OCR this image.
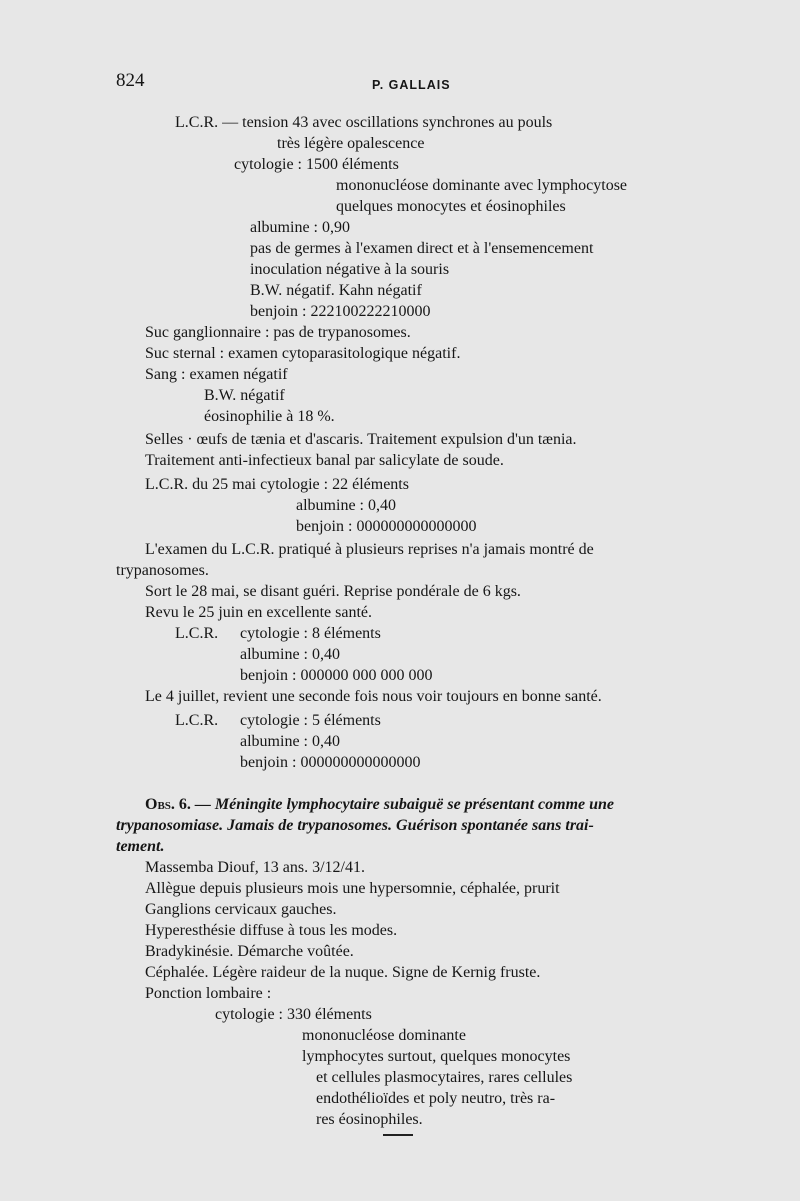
824	P. GALLAIS
L.C.R. — tension 43 avec oscillations synchrones au pouls
très légère opalescence
cytologie : 1500 éléments
mononucléose dominante avec lymphocytose
quelques monocytes et éosinophiles
albumine : 0,90
pas de germes à l'examen direct et à l'ensemencement
inoculation négative à la souris
B.W. négatif. Kahn négatif
benjoin : 222100222210000
Suc ganglionnaire : pas de trypanosomes.
Suc sternal : examen cytoparasitologique négatif.
Sang : examen négatif
B.W. négatif
éosinophilie à 18 %.
Selles · œufs de tænia et d'ascaris. Traitement expulsion d'un tænia.
Traitement anti-infectieux banal par salicylate de soude.
L.C.R. du 25 mai cytologie : 22 éléments
albumine : 0,40
benjoin : 000000000000000
L'examen du L.C.R. pratiqué à plusieurs reprises n'a jamais montré de
trypanosomes.
Sort le 28 mai, se disant guéri. Reprise pondérale de 6 kgs.
Revu le 25 juin en excellente santé.
L.C.R. cytologie : 8 éléments
albumine : 0,40
benjoin : 000000 000 000 000
Le 4 juillet, revient une seconde fois nous voir toujours en bonne santé.
L.C.R. cytologie : 5 éléments
albumine : 0,40
benjoin : 000000000000000
Obs. 6. — Méningite lymphocytaire subaiguë se présentant comme une
trypanosomiase. Jamais de trypanosomes. Guérison spontanée sans trai-
tement.
Massemba Diouf, 13 ans. 3/12/41.
Allègue depuis plusieurs mois une hypersomnie, céphalée, prurit
Ganglions cervicaux gauches.
Hyperesthésie diffuse à tous les modes.
Bradykinésie. Démarche voûtée.
Céphalée. Légère raideur de la nuque. Signe de Kernig fruste.
Ponction lombaire :
cytologie : 330 éléments
mononucléose dominante
lymphocytes surtout, quelques monocytes
et cellules plasmocytaires, rares cellules
endothélioïdes et poly neutro, très ra-
res éosinophiles.
